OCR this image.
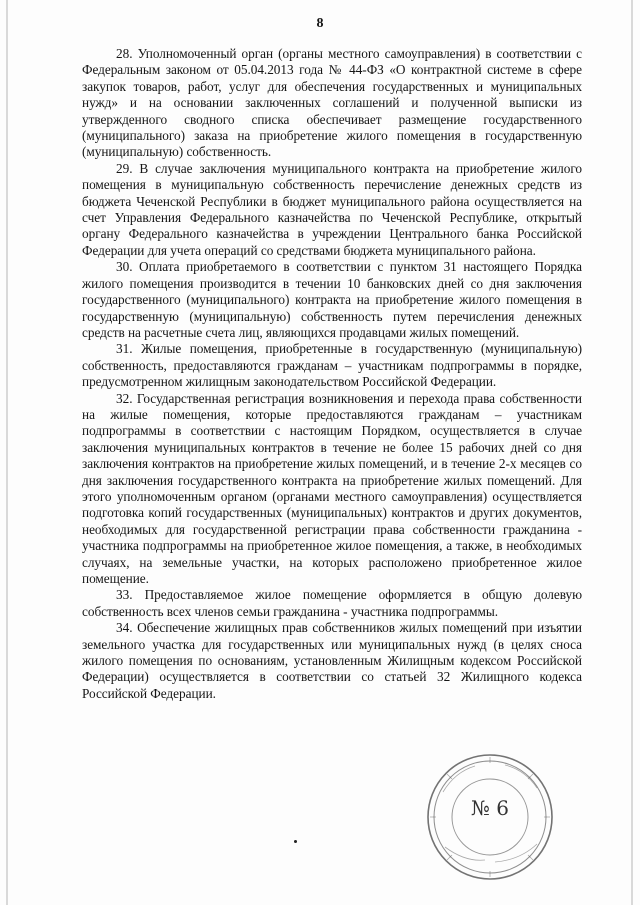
8

28. Уполномоченный орган (органы местного самоуправления) в соответствии с Федеральным законом от 05.04.2013 года № 44-ФЗ «О контрактной системе в сфере закупок товаров, работ, услуг для обеспечения государственных и муниципальных нужд» и на основании заключенных соглашений и полученной выписки из утвержденного сводного списка обеспечивает размещение государственного (муниципального) заказа на приобретение жилого помещения в государственную (муниципальную) собственность.

29. В случае заключения муниципального контракта на приобретение жилого помещения в муниципальную собственность перечисление денежных средств из бюджета Чеченской Республики в бюджет муниципального района осуществляется на счет Управления Федерального казначейства по Чеченской Республике, открытый органу Федерального казначейства в учреждении Центрального банка Российской Федерации для учета операций со средствами бюджета муниципального района.

30. Оплата приобретаемого в соответствии с пунктом 31 настоящего Порядка жилого помещения производится в течении 10 банковских дней со дня заключения государственного (муниципального) контракта на приобретение жилого помещения в государственную (муниципальную) собственность путем перечисления денежных средств на расчетные счета лиц, являющихся продавцами жилых помещений.

31. Жилые помещения, приобретенные в государственную (муниципальную) собственность, предоставляются гражданам – участникам подпрограммы в порядке, предусмотренном жилищным законодательством Российской Федерации.

32. Государственная регистрация возникновения и перехода права собственности на жилые помещения, которые предоставляются гражданам – участникам подпрограммы в соответствии с настоящим Порядком, осуществляется в случае заключения муниципальных контрактов в течение не более 15 рабочих дней со дня заключения контрактов на приобретение жилых помещений, и в течение 2-х месяцев со дня заключения государственного контракта на приобретение жилых помещений. Для этого уполномоченным органом (органами местного самоуправления) осуществляется подготовка копий государственных (муниципальных) контрактов и других документов, необходимых для государственной регистрации права собственности гражданина - участника подпрограммы на приобретенное жилое помещения, а также, в необходимых случаях, на земельные участки, на которых расположено приобретенное жилое помещение.

33. Предоставляемое жилое помещение оформляется в общую долевую собственность всех членов семьи гражданина - участника подпрограммы.

34. Обеспечение жилищных прав собственников жилых помещений при изъятии земельного участка для государственных или муниципальных нужд (в целях сноса жилого помещения по основаниям, установленным Жилищным кодексом Российской Федерации) осуществляется в соответствии со статьей 32 Жилищного кодекса Российской Федерации.

№ 6
